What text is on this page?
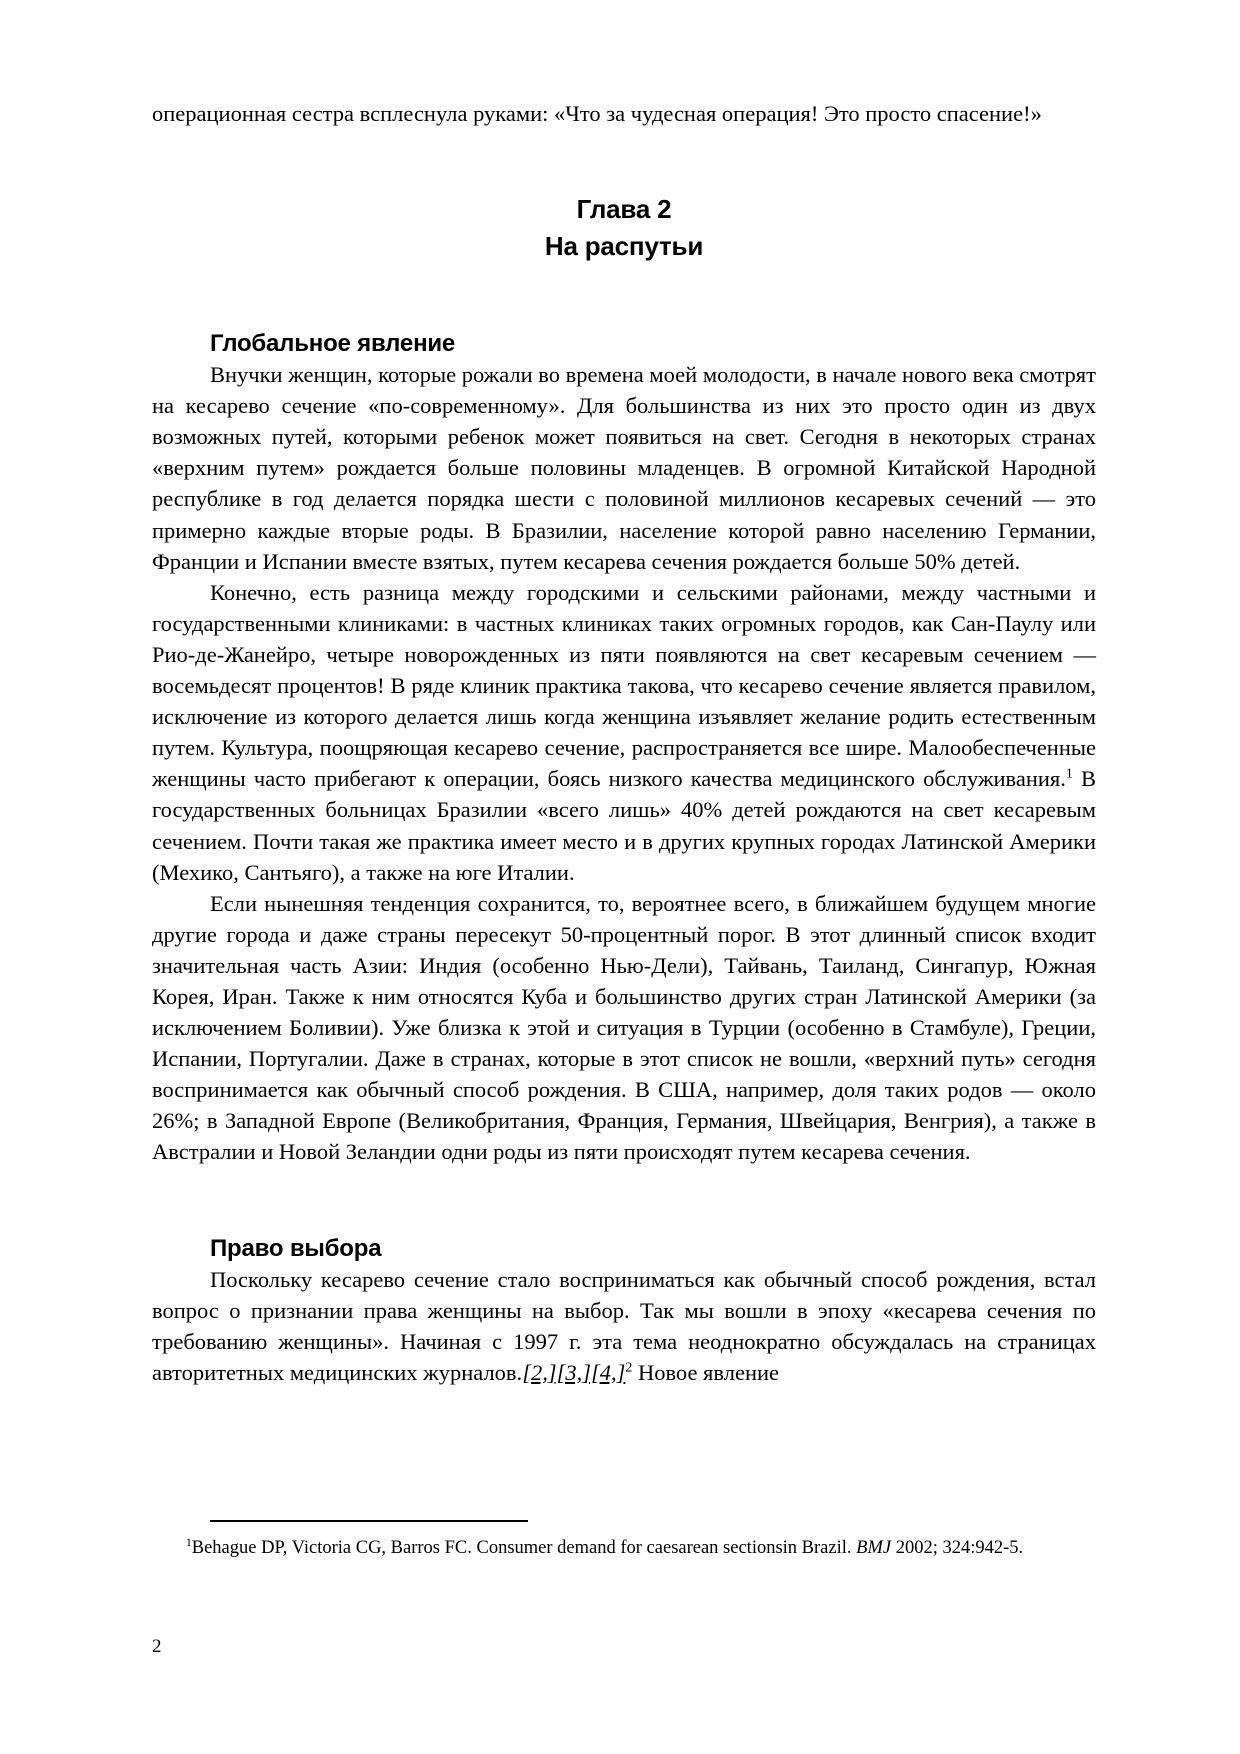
операционная сестра всплеснула руками: «Что за чудесная операция! Это просто спасение!»

Глава 2

На распутьи

Глобальное явление

Внучки женщин, которые рожали во времена моей молодости, в начале нового века смотрят на кесарево сечение «по-современному». Для большинства из них это просто один из двух возможных путей, которыми ребенок может появиться на свет. Сегодня в некоторых странах «верхним путем» рождается больше половины младенцев. В огромной Китайской Народной республике в год делается порядка шести с половиной миллионов кесаревых сечений — это примерно каждые вторые роды. В Бразилии, население которой равно населению Германии, Франции и Испании вместе взятых, путем кесарева сечения рождается больше 50% детей.

Конечно, есть разница между городскими и сельскими районами, между частными и государственными клиниками: в частных клиниках таких огромных городов, как Сан-Паулу или Рио-де-Жанейро, четыре новорожденных из пяти появляются на свет кесаревым сечением — восемьдесят процентов! В ряде клиник практика такова, что кесарево сечение является правилом, исключение из которого делается лишь когда женщина изъявляет желание родить естественным путем. Культура, поощряющая кесарево сечение, распространяется все шире. Малообеспеченные женщины часто прибегают к операции, боясь низкого качества медицинского обслуживания.$^1$ В государственных больницах Бразилии «всего лишь» 40% детей рождаются на свет кесаревым сечением. Почти такая же практика имеет место и в других крупных городах Латинской Америки (Мехико, Сантьяго), а также на юге Италии.

Если нынешняя тенденция сохранится, то, вероятнее всего, в ближайшем будущем многие другие города и даже страны пересекут 50-процентный порог. В этот длинный список входит значительная часть Азии: Индия (особенно Нью-Дели), Тайвань, Таиланд, Сингапур, Южная Корея, Иран. Также к ним относятся Куба и большинство других стран Латинской Америки (за исключением Боливии). Уже близка к этой и ситуация в Турции (особенно в Стамбуле), Греции, Испании, Португалии. Даже в странах, которые в этот список не вошли, «верхний путь» сегодня воспринимается как обычный способ рождения. В США, например, доля таких родов — около 26%; в Западной Европе (Великобритания, Франция, Германия, Швейцария, Венгрия), а также в Австралии и Новой Зеландии одни роды из пяти происходят путем кесарева сечения.

Право выбора

Поскольку кесарево сечение стало восприниматься как обычный способ рождения, встал вопрос о признании права женщины на выбор. Так мы вошли в эпоху «кесарева сечения по требованию женщины». Начиная с 1997 г. эта тема неоднократно обсуждалась на страницах авторитетных медицинских журналов.[2,][3,][4,]$^2$ Новое явление

$^1$Behague DP, Victoria CG, Barros FC. Consumer demand for caesarean sectionsin Brazil. BMJ 2002; 324:942-5.

2
